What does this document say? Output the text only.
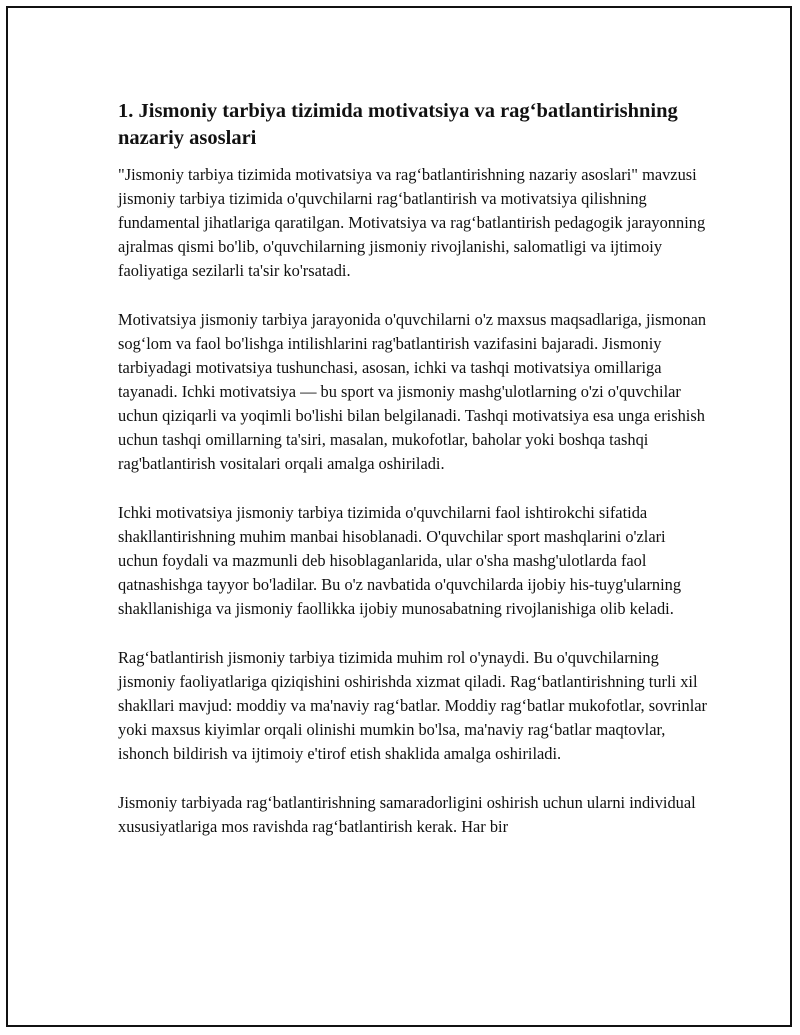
1. Jismoniy tarbiya tizimida motivatsiya va rag‘batlantirishning nazariy asoslari

"Jismoniy tarbiya tizimida motivatsiya va rag‘batlantirishning nazariy asoslari" mavzusi jismoniy tarbiya tizimida o'quvchilarni rag‘batlantirish va motivatsiya qilishning fundamental jihatlariga qaratilgan. Motivatsiya va rag‘batlantirish pedagogik jarayonning ajralmas qismi bo'lib, o'quvchilarning jismoniy rivojlanishi, salomatligi va ijtimoiy faoliyatiga sezilarli ta'sir ko'rsatadi.

Motivatsiya jismoniy tarbiya jarayonida o'quvchilarni o'z maxsus maqsadlariga, jismonan sog‘lom va faol bo'lishga intilishlarini rag'batlantirish vazifasini bajaradi. Jismoniy tarbiyadagi motivatsiya tushunchasi, asosan, ichki va tashqi motivatsiya omillariga tayanadi. Ichki motivatsiya — bu sport va jismoniy mashg'ulotlarning o'zi o'quvchilar uchun qiziqarli va yoqimli bo'lishi bilan belgilanadi. Tashqi motivatsiya esa unga erishish uchun tashqi omillarning ta'siri, masalan, mukofotlar, baholar yoki boshqa tashqi rag'batlantirish vositalari orqali amalga oshiriladi.

Ichki motivatsiya jismoniy tarbiya tizimida o'quvchilarni faol ishtirokchi sifatida shakllantirishning muhim manbai hisoblanadi. O'quvchilar sport mashqlarini o'zlari uchun foydali va mazmunli deb hisoblaganlarida, ular o'sha mashg'ulotlarda faol qatnashishga tayyor bo'ladilar. Bu o'z navbatida o'quvchilarda ijobiy his-tuyg'ularning shakllanishiga va jismoniy faollikka ijobiy munosabatning rivojlanishiga olib keladi.

Rag‘batlantirish jismoniy tarbiya tizimida muhim rol o'ynaydi. Bu o'quvchilarning jismoniy faoliyatlariga qiziqishini oshirishda xizmat qiladi. Rag‘batlantirishning turli xil shakllari mavjud: moddiy va ma'naviy rag‘batlar. Moddiy rag‘batlar mukofotlar, sovrinlar yoki maxsus kiyimlar orqali olinishi mumkin bo'lsa, ma'naviy rag‘batlar maqtovlar, ishonch bildirish va ijtimoiy e'tirof etish shaklida amalga oshiriladi.

Jismoniy tarbiyada rag‘batlantirishning samaradorligini oshirish uchun ularni individual xususiyatlariga mos ravishda rag‘batlantirish kerak. Har bir
